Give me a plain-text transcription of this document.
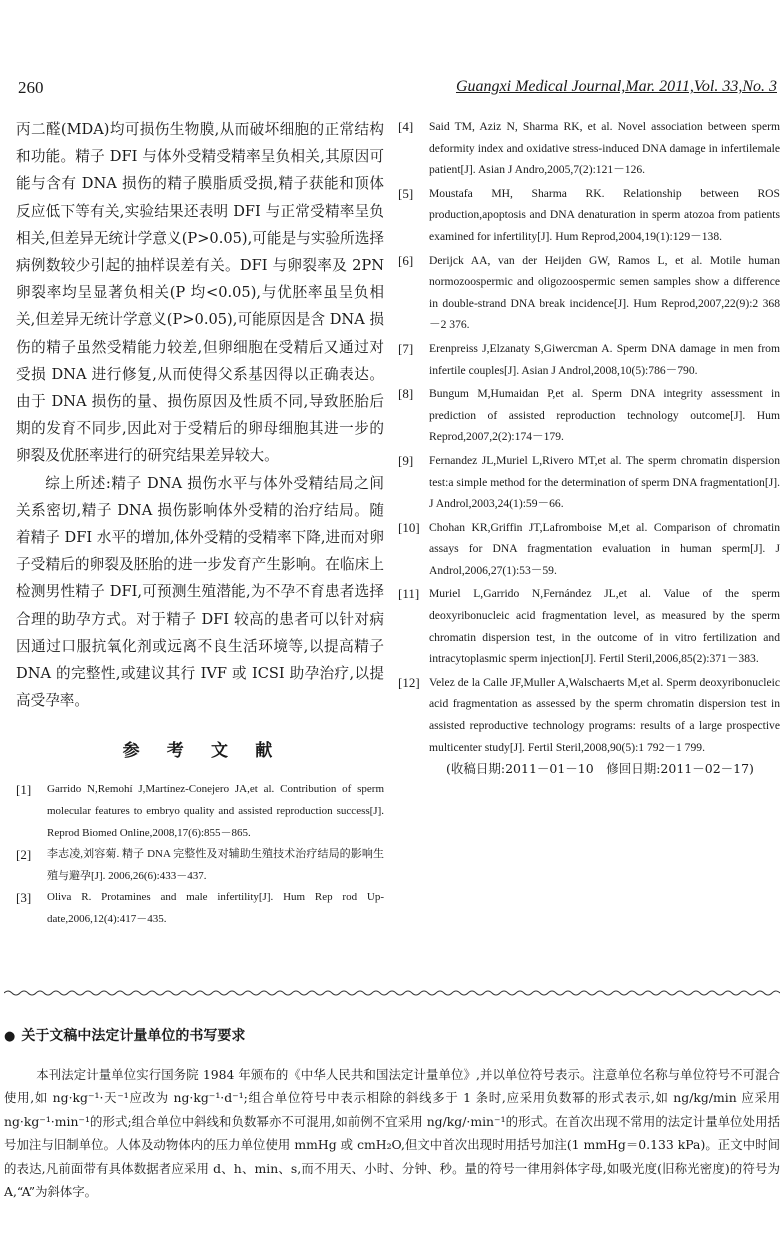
260	Guangxi Medical Journal,Mar. 2011,Vol. 33,No. 3

丙二醛(MDA)均可损伤生物膜,从而破坏细胞的正常结构和功能。精子 DFI 与体外受精受精率呈负相关,其原因可能与含有 DNA 损伤的精子膜脂质受损,精子获能和顶体反应低下等有关,实验结果还表明 DFI 与正常受精率呈负相关,但差异无统计学意义(P>0.05),可能是与实验所选择病例数较少引起的抽样误差有关。DFI 与卵裂率及 2PN 卵裂率均呈显著负相关(P 均<0.05),与优胚率虽呈负相关,但差异无统计学意义(P>0.05),可能原因是含 DNA 损伤的精子虽然受精能力较差,但卵细胞在受精后又通过对受损 DNA 进行修复,从而使得父系基因得以正确表达。由于 DNA 损伤的量、损伤原因及性质不同,导致胚胎后期的发育不同步,因此对于受精后的卵母细胞其进一步的卵裂及优胚率进行的研究结果差异较大。

综上所述:精子 DNA 损伤水平与体外受精结局之间关系密切,精子 DNA 损伤影响体外受精的治疗结局。随着精子 DFI 水平的增加,体外受精的受精率下降,进而对卵子受精后的卵裂及胚胎的进一步发育产生影响。在临床上检测男性精子 DFI,可预测生殖潜能,为不孕不育患者选择合理的助孕方式。对于精子 DFI 较高的患者可以针对病因通过口服抗氧化剂或远离不良生活环境等,以提高精子 DNA 的完整性,或建议其行 IVF 或 ICSI 助孕治疗,以提高受孕率。

参考文献
[1]	Garrido N,Remohí J,Martínez-Conejero JA,et al. Contribution of sperm molecular features to embryo quality and assisted reproduction success[J]. Reprod Biomed Online,2008,17(6):855－865.
[2]	李志凌,刘容菊. 精子 DNA 完整性及对辅助生殖技术治疗结局的影响生殖与避孕[J]. 2006,26(6):433－437.
[3]	Oliva R. Protamines and male infertility[J]. Hum Rep rod Up-date,2006,12(4):417－435.
[4]	Said TM, Aziz N, Sharma RK, et al. Novel association between sperm deformity index and oxidative stress-induced DNA damage in infertilemale patient[J]. Asian J Andro,2005,7(2):121－126.
[5]	Moustafa MH, Sharma RK. Relationship between ROS production,apoptosis and DNA denaturation in sperm atozoa from patients examined for infertility[J]. Hum Reprod,2004,19(1):129－138.
[6]	Derijck AA, van der Heijden GW, Ramos L, et al. Motile human normozoospermic and oligozoospermic semen samples show a difference in double-strand DNA break incidence[J]. Hum Reprod,2007,22(9):2 368－2 376.
[7]	Erenpreiss J,Elzanaty S,Giwercman A. Sperm DNA damage in men from infertile couples[J]. Asian J Androl,2008,10(5):786－790.
[8]	Bungum M,Humaidan P,et al. Sperm DNA integrity assessment in prediction of assisted reproduction technology outcome[J]. Hum Reprod,2007,2(2):174－179.
[9]	Fernandez JL,Muriel L,Rivero MT,et al. The sperm chromatin dispersion test:a simple method for the determination of sperm DNA fragmentation[J]. J Androl,2003,24(1):59－66.
[10] Chohan KR,Griffin JT,Lafromboise M,et al. Comparison of chromatin assays for DNA fragmentation evaluation in human sperm[J]. J Androl,2006,27(1):53－59.
[11] Muriel L,Garrido N,Fernández JL,et al. Value of the sperm deoxyribonucleic acid fragmentation level, as measured by the sperm chromatin dispersion test, in the outcome of in vitro fertilization and intracytoplasmic sperm injection[J]. Fertil Steril,2006,85(2):371－383.
[12] Velez de la Calle JF,Muller A,Walschaerts M,et al. Sperm deoxyribonucleic acid fragmentation as assessed by the sperm chromatin dispersion test in assisted reproductive technology programs: results of a large prospective multicenter study[J]. Fertil Steril,2008,90(5):1 792－1 799.
(收稿日期:2011－01－10　修回日期:2011－02－17)
● 关于文稿中法定计量单位的书写要求

本刊法定计量单位实行国务院 1984 年颁布的《中华人民共和国法定计量单位》,并以单位符号表示。注意单位名称与单位符号不可混合使用,如 ng·kg⁻¹·天⁻¹应改为 ng·kg⁻¹·d⁻¹;组合单位符号中表示相除的斜线多于 1 条时,应采用负数幂的形式表示,如 ng/kg/min 应采用 ng·kg⁻¹·min⁻¹的形式;组合单位中斜线和负数幂亦不可混用,如前例不宜采用 ng/kg/·min⁻¹的形式。在首次出现不常用的法定计量单位处用括号加注与旧制单位。人体及动物体内的压力单位使用 mmHg 或 cmH₂O,但文中首次出现时用括号加注(1 mmHg＝0.133 kPa)。正文中时间的表达,凡前面带有具体数据者应采用 d、h、min、s,而不用天、小时、分钟、秒。量的符号一律用斜体字母,如吸光度(旧称光密度)的符号为 A,“A”为斜体字。
